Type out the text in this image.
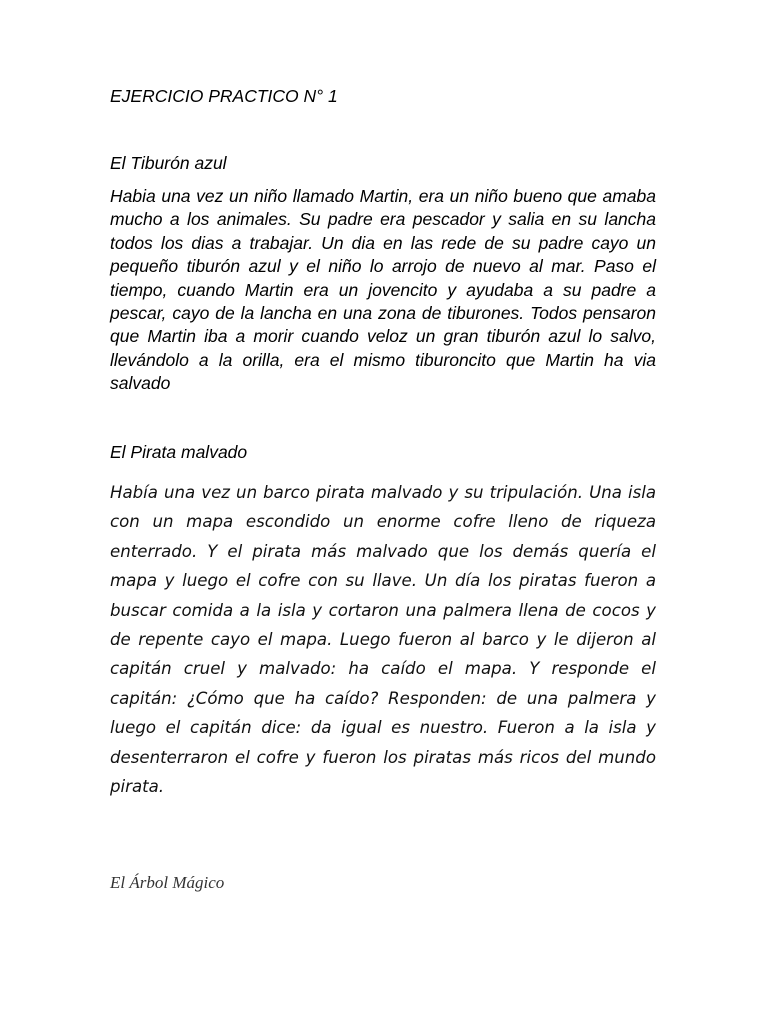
EJERCICIO PRACTICO N° 1

El Tiburón azul

Habia una vez un niño llamado Martin, era un niño bueno que amaba mucho a los animales. Su padre era pescador y salia en su lancha todos los dias a trabajar. Un dia en las rede de su padre cayo un pequeño tiburón azul y el niño lo arrojo de nuevo al mar. Paso el tiempo, cuando Martin era un jovencito y ayudaba a su padre a pescar, cayo de la lancha en una zona de tiburones. Todos pensaron que Martin iba a morir cuando veloz un gran tiburón azul lo salvo, llevándolo a la orilla, era el mismo tiburoncito que Martin ha via salvado

El Pirata malvado

Había una vez un barco pirata malvado y su tripulación. Una isla con un mapa escondido un enorme cofre lleno de riqueza enterrado. Y el pirata más malvado que los demás quería el mapa y luego el cofre con su llave. Un día los piratas fueron a buscar comida a la isla y cortaron una palmera llena de cocos y de repente cayo el mapa. Luego fueron al barco y le dijeron al capitán cruel y malvado: ha caído el mapa. Y responde el capitán: ¿Cómo que ha caído? Responden: de una palmera y luego el capitán dice: da igual es nuestro. Fueron a la isla y desenterraron el cofre y fueron los piratas más ricos del mundo pirata.

El Árbol Mágico
